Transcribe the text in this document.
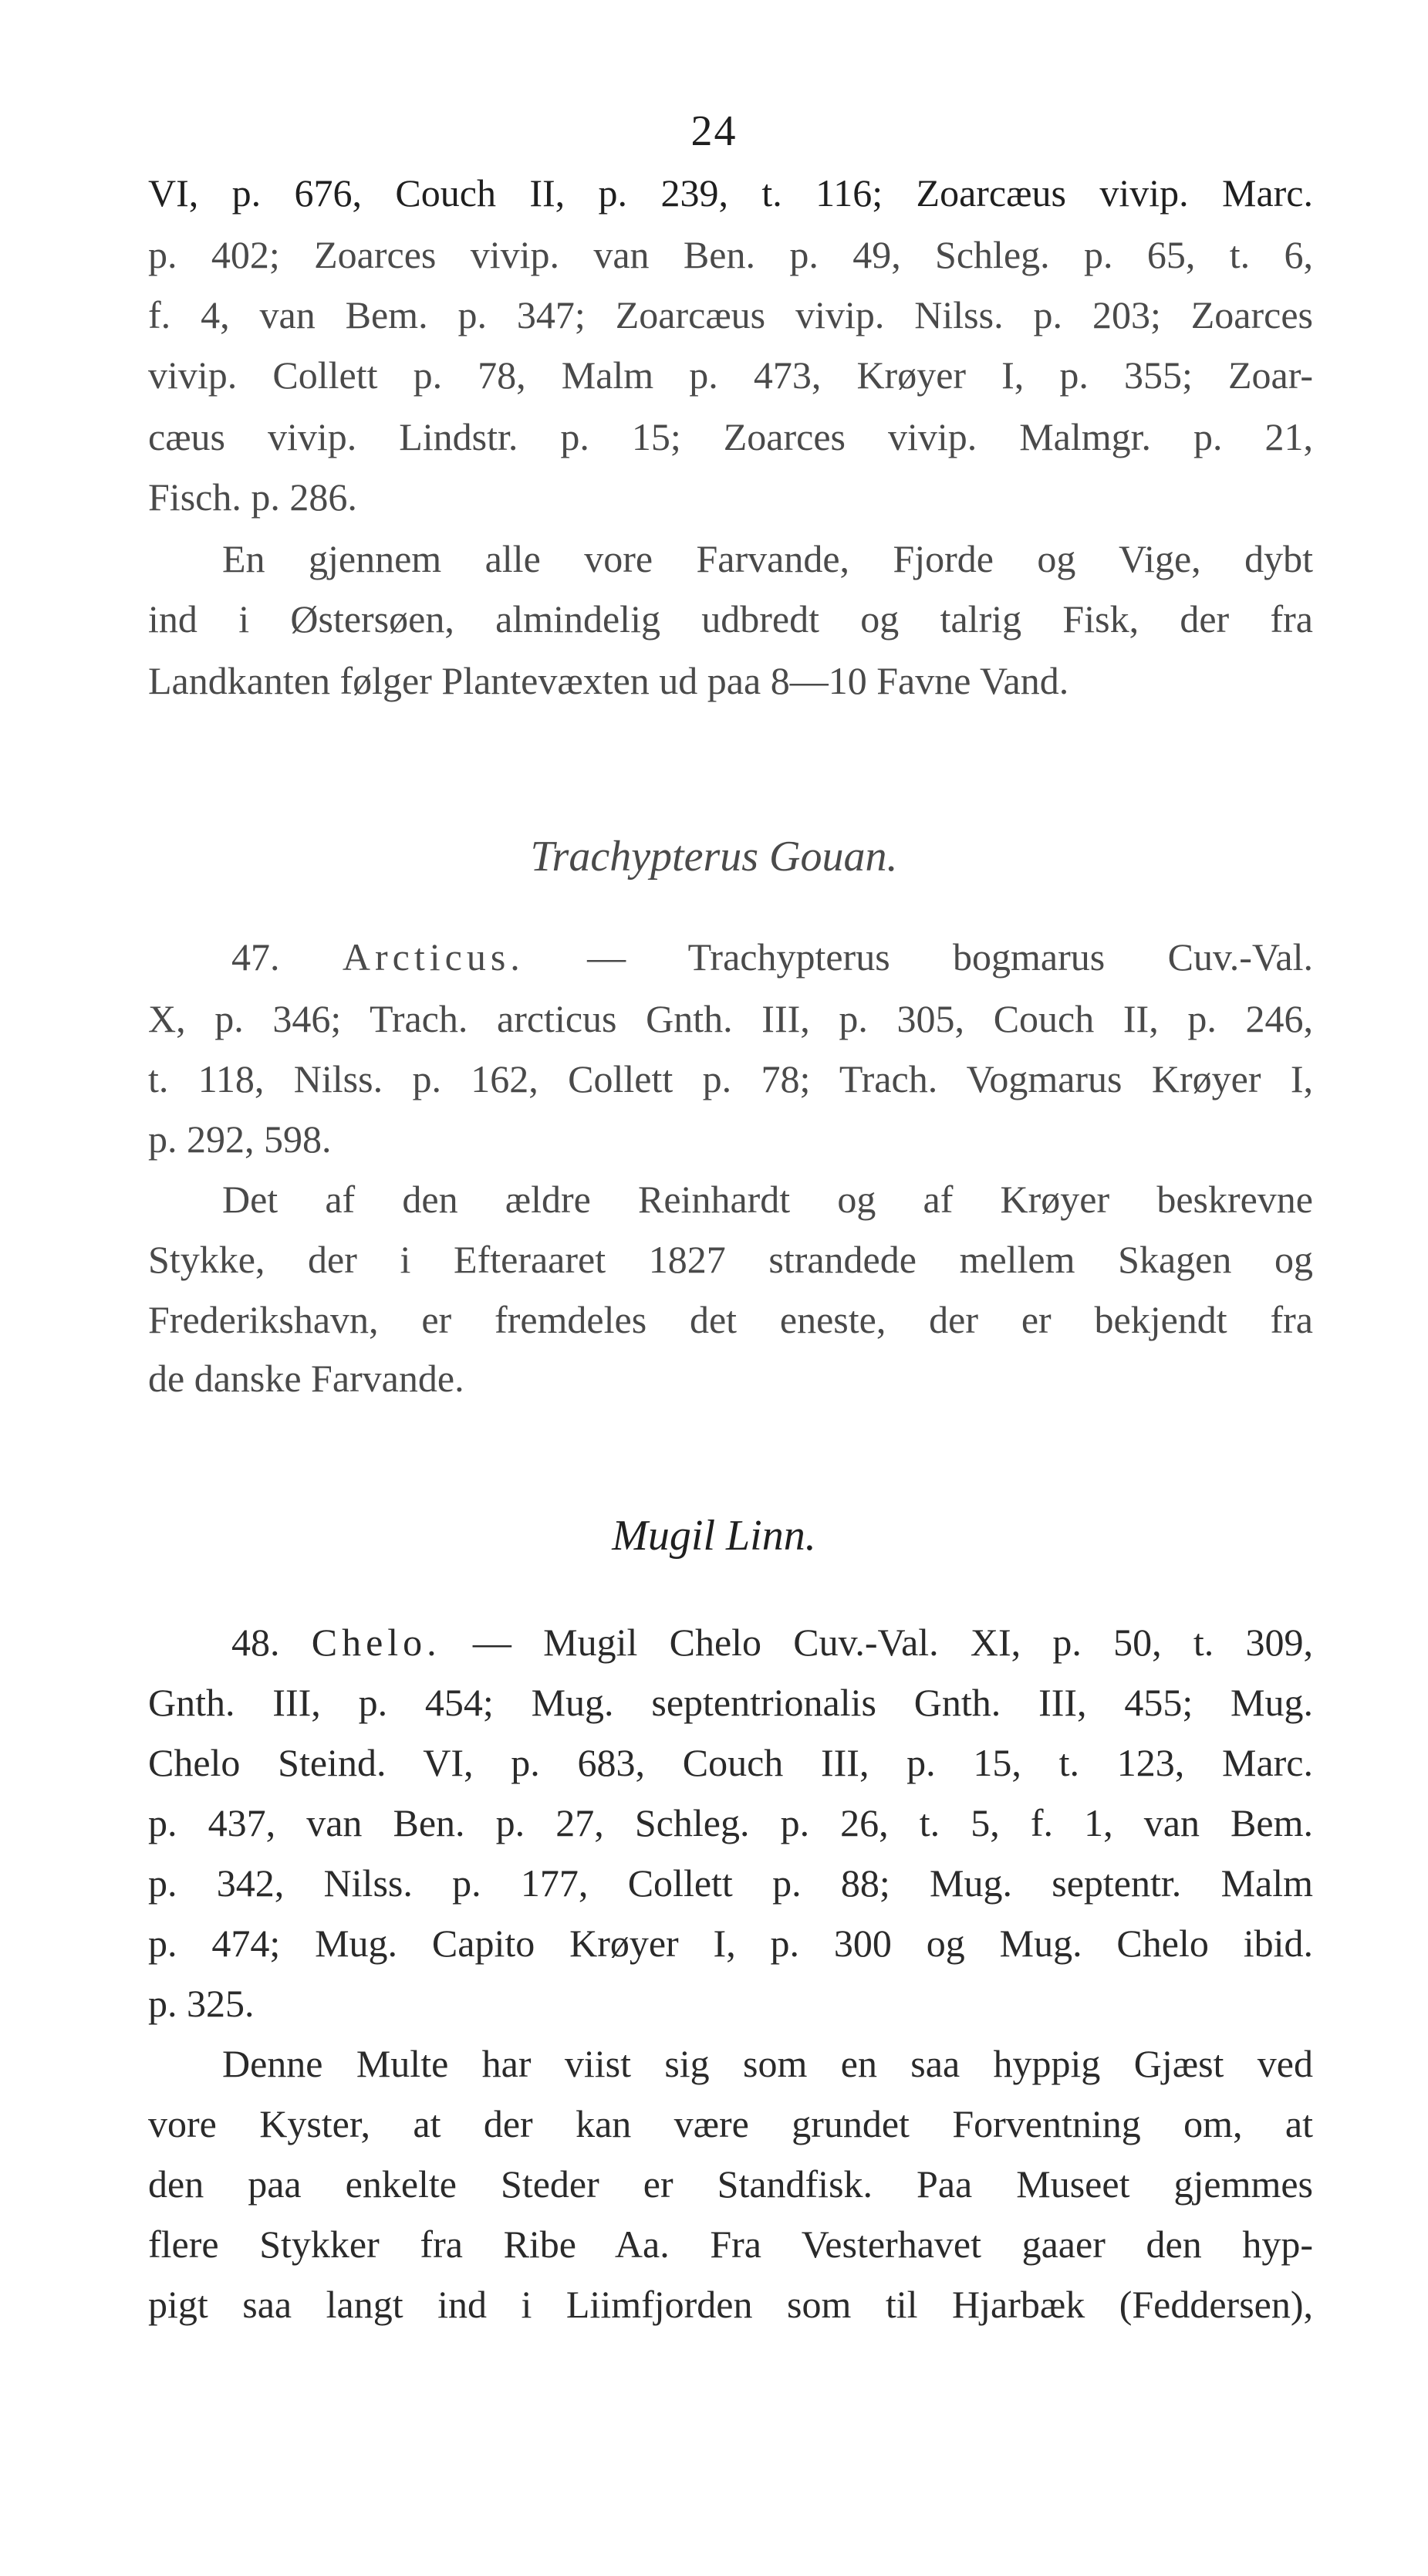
24
VI, p. 676, Couch II, p. 239, t. 116; Zoarcæus vivip. Marc.
p. 402; Zoarces vivip. van Ben. p. 49, Schleg. p. 65, t. 6,
f. 4, van Bem. p. 347; Zoarcæus vivip. Nilss. p. 203; Zoarces
vivip. Collett p. 78, Malm p. 473, Krøyer I, p. 355; Zoar-
cæus vivip. Lindstr. p. 15; Zoarces vivip. Malmgr. p. 21,
Fisch. p. 286.
En gjennem alle vore Farvande, Fjorde og Vige, dybt
ind i Østersøen, almindelig udbredt og talrig Fisk, der fra
Landkanten følger Plantevæxten ud paa 8—10 Favne Vand.
Trachypterus Gouan.
47. Arcticus. — Trachypterus bogmarus Cuv.-Val.
X, p. 346; Trach. arcticus Gnth. III, p. 305, Couch II, p. 246,
t. 118, Nilss. p. 162, Collett p. 78; Trach. Vogmarus Krøyer I,
p. 292, 598.
Det af den ældre Reinhardt og af Krøyer beskrevne
Stykke, der i Efteraaret 1827 strandede mellem Skagen og
Frederikshavn, er fremdeles det eneste, der er bekjendt fra
de danske Farvande.
Mugil Linn.
48. Chelo. — Mugil Chelo Cuv.-Val. XI, p. 50, t. 309,
Gnth. III, p. 454; Mug. septentrionalis Gnth. III, 455; Mug.
Chelo Steind. VI, p. 683, Couch III, p. 15, t. 123, Marc.
p. 437, van Ben. p. 27, Schleg. p. 26, t. 5, f. 1, van Bem.
p. 342, Nilss. p. 177, Collett p. 88; Mug. septentr. Malm
p. 474; Mug. Capito Krøyer I, p. 300 og Mug. Chelo ibid.
p. 325.
Denne Multe har viist sig som en saa hyppig Gjæst ved
vore Kyster, at der kan være grundet Forventning om, at
den paa enkelte Steder er Standfisk. Paa Museet gjemmes
flere Stykker fra Ribe Aa. Fra Vesterhavet gaaer den hyp-
pigt saa langt ind i Liimfjorden som til Hjarbæk (Feddersen),
